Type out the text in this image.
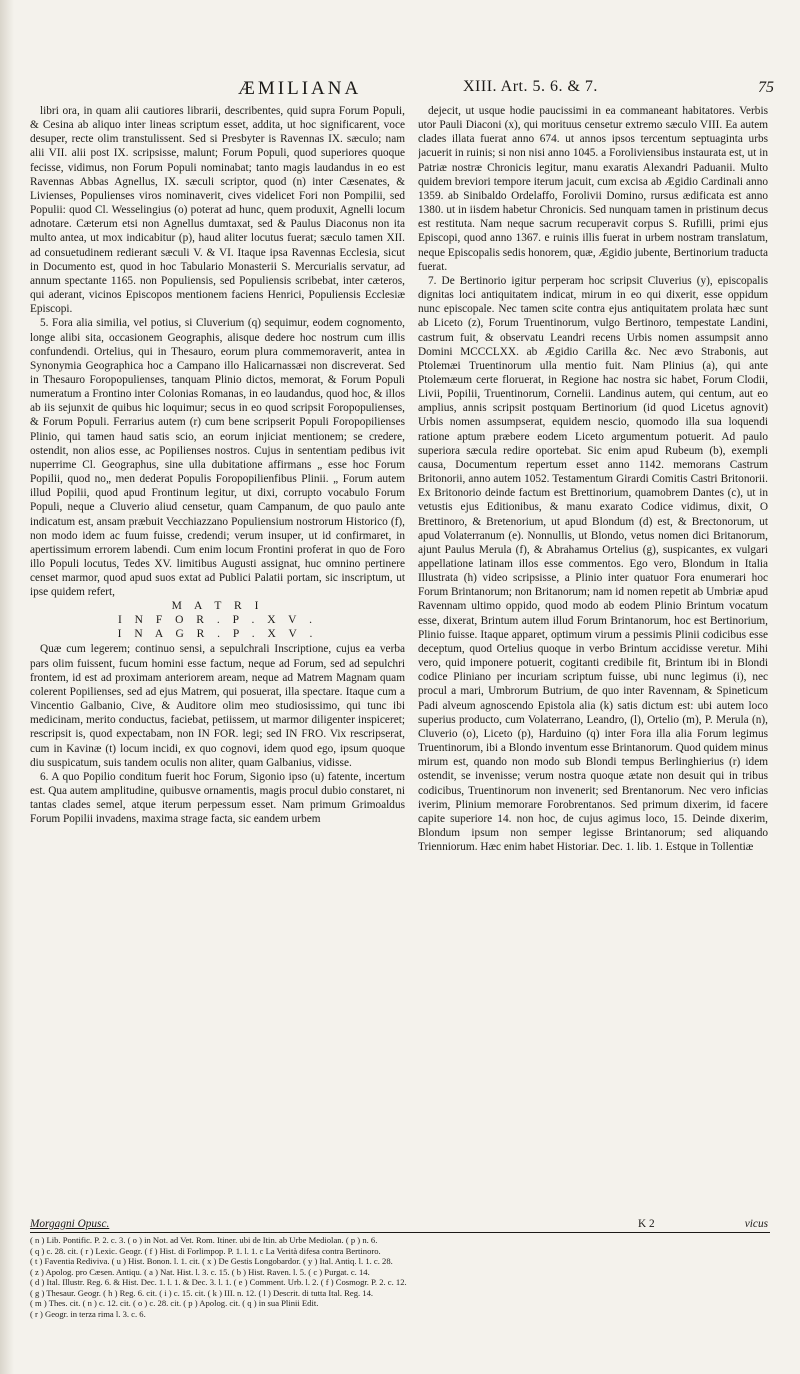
ÆMILIANA	XIII. Art. 5. 6. & 7.	75

libri ora, in quam alii cautiores librarii, describentes, quid supra Forum Populi, & Cesina ab aliquo inter lineas scriptum esset, addita, ut hoc significarent, voce desuper, recte olim transtulissent. Sed si Presbyter is Ravennas IX. sæculo; nam alii VII. alii post IX. scripsisse, malunt; Forum Populi, quod superiores quoque fecisse, vidimus, non Forum Populi nominabat; tanto magis laudandus in eo est Ravennas Abbas Agnellus, IX. sæculi scriptor, quod (n) inter Cæsenates, & Livienses, Populienses viros nominaverit, cives videlicet Fori non Pompilii, sed Populii: quod Cl. Wesselingius (o) poterat ad hunc, quem produxit, Agnelli locum adnotare. Cæterum etsi non Agnellus dumtaxat, sed & Paulus Diaconus non ita multo antea, ut mox indicabitur (p), haud aliter locutus fuerat; sæculo tamen XII. ad consuetudinem redierant sæculi V. & VI. Itaque ipsa Ravennas Ecclesia, sicut in Documento est, quod in hoc Tabulario Monasterii S. Mercurialis servatur, ad annum spectante 1165. non Populiensis, sed Populiensis scribebat, inter cæteros, qui aderant, vicinos Episcopos mentionem faciens Henrici, Populiensis Ecclesiæ Episcopi.

5. Fora alia similia, vel potius, si Cluverium (q) sequimur, eodem cognomento, longe alibi sita, occasionem Geographis, alisque dedere hoc nostrum cum illis confundendi. Ortelius, qui in Thesauro, eorum plura commemoraverit, antea in Synonymia Geographica hoc a Campano illo Halicarnassæi non discreverat. Sed in Thesauro Foropopulienses, tanquam Plinio dictos, memorat, & Forum Populi numeratum a Frontino inter Colonias Romanas, in eo laudandus, quod hoc, & illos ab iis sejunxit de quibus hic loquimur; secus in eo quod scripsit Foropopulienses, & Forum Populi. Ferrarius autem (r) cum bene scripserit Populi Foropopilienses Plinio, qui tamen haud satis scio, an eorum injiciat mentionem; se credere, ostendit, non alios esse, ac Popilienses nostros. Cujus in sententiam pedibus ivit nuperrime Cl. Geographus, sine ulla dubitatione affirmans „ esse hoc Forum Popilii, quod no„ men dederat Populis Foropopilienfibus Plinii. „ Forum autem illud Popilii, quod apud Frontinum legitur, ut dixi, corrupto vocabulo Forum Populi, neque a Cluverio aliud censetur, quam Campanum, de quo paulo ante indicatum est, ansam præbuit Vecchiazzano Populiensium nostrorum Historico (f), non modo idem ac fuum fuisse, credendi; verum insuper, ut id confirmaret, in apertissimum errorem labendi. Cum enim locum Frontini proferat in quo de Foro illo Populi locutus, Tedes XV. limitibus Augusti assignat, huc omnino pertinere censet marmor, quod apud suos extat ad Publici Palatii portam, sic inscriptum, ut ipse quidem refert,

M A T R I
I N F O R . P . X V .
I N A G R . P . X V .

Quæ cum legerem; continuo sensi, a sepulchrali Inscriptione, cujus ea verba pars olim fuissent, fucum homini esse factum, neque ad Forum, sed ad sepulchri frontem, id est ad proximam anteriorem aream, neque ad Matrem Magnam quam colerent Popilienses, sed ad ejus Matrem, qui posuerat, illa spectare. Itaque cum a Vincentio Galbanio, Cive, & Auditore olim meo studiosissimo, qui tunc ibi medicinam, merito conductus, faciebat, petiissem, ut marmor diligenter inspiceret; rescripsit is, quod expectabam, non IN FOR. legi; sed IN FRO. Vix rescripserat, cum in Kavinæ (t) locum incidi, ex quo cognovi, idem quod ego, ipsum quoque diu suspicatum, suis tandem oculis non aliter, quam Galbanius, vidisse.

6. A quo Popilio conditum fuerit hoc Forum, Sigonio ipso (u) fatente, incertum est. Qua autem amplitudine, quibusve ornamentis, magis procul dubio constaret, ni tantas clades semel, atque iterum perpessum esset. Nam primum Grimoaldus Forum Popilii invadens, maxima strage facta, sic eandem urbem

dejecit, ut usque hodie paucissimi in ea commaneant habitatores. Verbis utor Pauli Diaconi (x), qui morituus censetur extremo sæculo VIII. Ea autem clades illata fuerat anno 674. ut annos ipsos tercentum septuaginta urbs jacuerit in ruinis; si non nisi anno 1045. a Foroliviensibus instaurata est, ut in Patriæ nostræ Chronicis legitur, manu exaratis Alexandri Paduanii. Multo quidem breviori tempore iterum jacuit, cum excisa ab Ægidio Cardinali anno 1359. ab Sinibaldo Ordelaffo, Forolivii Domino, rursus ædificata est anno 1380. ut in iisdem habetur Chronicis. Sed nunquam tamen in pristinum decus est restituta. Nam neque sacrum recuperavit corpus S. Rufilli, primi ejus Episcopi, quod anno 1367. e ruinis illis fuerat in urbem nostram translatum, neque Episcopalis sedis honorem, quæ, Ægidio jubente, Bertinorium traducta fuerat.

7. De Bertinorio igitur perperam hoc scripsit Cluverius (y), episcopalis dignitas loci antiquitatem indicat, mirum in eo qui dixerit, esse oppidum nunc episcopale. Nec tamen scite contra ejus antiquitatem prolata hæc sunt ab Liceto (z), Forum Truentinorum, vulgo Bertinoro, tempestate Landini, castrum fuit, & observatu Leandri recens Urbis nomen assumpsit anno Domini MCCCLXX. ab Ægidio Carilla &c. Nec ævo Strabonis, aut Ptolemæi Truentinorum ulla mentio fuit. Nam Plinius (a), qui ante Ptolemæum certe floruerat, in Regione hac nostra sic habet, Forum Clodii, Livii, Popilii, Truentinorum, Cornelii. Landinus autem, qui centum, aut eo amplius, annis scripsit postquam Bertinorium (id quod Licetus agnovit) Urbis nomen assumpserat, equidem nescio, quomodo illa sua loquendi ratione aptum præbere eodem Liceto argumentum potuerit. Ad paulo superiora sæcula redire oportebat. Sic enim apud Rubeum (b), exempli causa, Documentum repertum esset anno 1142. memorans Castrum Britonorii, anno autem 1052. Testamentum Girardi Comitis Castri Britonorii. Ex Britonorio deinde factum est Brettinorium, quamobrem Dantes (c), ut in vetustis ejus Editionibus, & manu exarato Codice vidimus, dixit, O Brettinoro, & Bretenorium, ut apud Blondum (d) est, & Brectonorum, ut apud Volaterranum (e). Nonnullis, ut Blondo, vetus nomen dici Britanorum, ajunt Paulus Merula (f), & Abrahamus Ortelius (g), suspicantes, ex vulgari appellatione latinam illos esse commentos. Ego vero, Blondum in Italia Illustrata (h) video scripsisse, a Plinio inter quatuor Fora enumerari hoc Forum Brintanorum; non Britanorum; nam id nomen repetit ab Umbriæ apud Ravennam ultimo oppido, quod modo ab eodem Plinio Brintum vocatum esse, dixerat, Brintum autem illud Forum Brintanorum, hoc est Bertinorium, Plinio fuisse. Itaque apparet, optimum virum a pessimis Plinii codicibus esse deceptum, quod Ortelius quoque in verbo Brintum accidisse veretur. Mihi vero, quid imponere potuerit, cogitanti credibile fit, Brintum ibi in Blondi codice Pliniano per incuriam scriptum fuisse, ubi nunc legimus (i), nec procul a mari, Umbrorum Butrium, de quo inter Ravennam, & Spineticum Padi alveum agnoscendo Epistola alia (k) satis dictum est: ubi autem loco superius producto, cum Volaterrano, Leandro, (l), Ortelio (m), P. Merula (n), Cluverio (o), Liceto (p), Harduino (q) inter Fora illa alia Forum legimus Truentinorum, ibi a Blondo inventum esse Brintanorum. Quod quidem minus mirum est, quando non modo sub Blondi tempus Berlinghierius (r) idem ostendit, se invenisse; verum nostra quoque ætate non desuit qui in tribus codicibus, Truentinorum non invenerit; sed Brentanorum. Nec vero inficias iverim, Plinium memorare Forobrentanos. Sed primum dixerim, id facere capite superiore 14. non hoc, de cujus agimus loco, 15. Deinde dixerim, Blondum ipsum non semper legisse Brintanorum; sed aliquando Trienniorum. Hæc enim habet Historiar. Dec. 1. lib. 1. Estque in Tollentiæ

Morgagni Opusc.	K 2	vicus
( n ) Lib. Pontific. P. 2. c. 3. ( o ) in Not. ad Vet. Rom. Itiner. ubi de Itin. ab Urbe Mediolan. ( p ) n. 6.
( q ) c. 28. cit. ( r ) Lexic. Geogr. ( f ) Hist. di Forlimpop. P. 1. l. 1. c La Verità difesa contra Bertinoro.
( t ) Faventia Rediviva. ( u ) Hist. Bonon. l. 1. cit. ( x ) De Gestis Longobardor. ( y ) Ital. Antiq. l. 1. c. 28.
( z ) Apolog. pro Cæsen. Antiqu. ( a ) Nat. Hist. l. 3. c. 15. ( b ) Hist. Raven. l. 5. ( c ) Purgat. c. 14.
( d ) Ital. Illustr. Reg. 6. & Hist. Dec. 1. l. 1. & Dec. 3. l. 1. ( e ) Comment. Urb. l. 2. ( f ) Cosmogr. P. 2. c. 12.
( g ) Thesaur. Geogr. ( h ) Reg. 6. cit. ( i ) c. 15. cit. ( k ) III. n. 12. ( l ) Descrit. di tutta Ital. Reg. 14.
( m ) Thes. cit. ( n ) c. 12. cit. ( o ) c. 28. cit. ( p ) Apolog. cit. ( q ) in sua Plinii Edit.
( r ) Geogr. in terza rima l. 3. c. 6.
